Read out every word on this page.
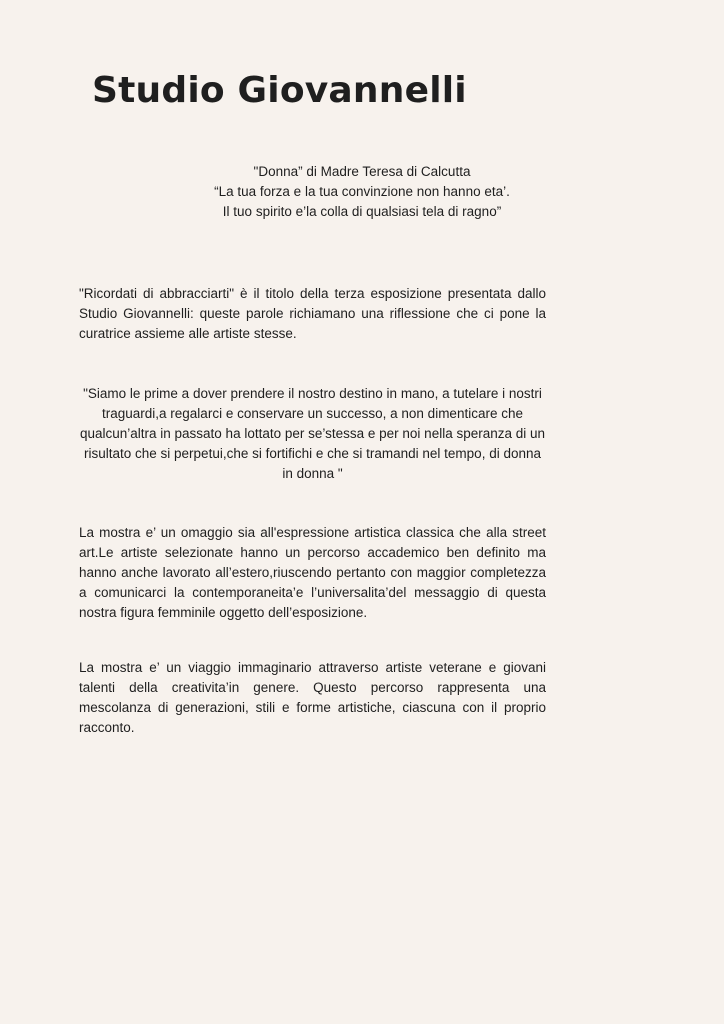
Studio Giovannelli
"Donna” di Madre Teresa di Calcutta
“La tua forza e la tua convinzione non hanno eta’.
Il tuo spirito e’la colla di qualsiasi tela di ragno”
"Ricordati di abbracciarti" è il titolo della terza esposizione presentata dallo Studio Giovannelli: queste parole richiamano una riflessione che ci pone la curatrice assieme alle artiste stesse.
"Siamo le prime a dover prendere il nostro destino in mano, a tutelare i nostri traguardi,a regalarci e conservare un successo, a non dimenticare che qualcun’altra in passato ha lottato per se’stessa e per noi nella speranza di un risultato che si perpetui,che si fortifichi e che si tramandi nel tempo, di donna in donna "
La mostra e’ un omaggio sia all'espressione artistica classica che alla street art.Le artiste selezionate hanno un percorso accademico ben definito ma hanno anche lavorato all’estero,riuscendo pertanto con maggior completezza a comunicarci la contemporaneita’e l’universalita’del messaggio di questa nostra figura femminile oggetto dell’esposizione.
La mostra e’ un viaggio immaginario attraverso artiste veterane e giovani talenti della creativita’in genere. Questo percorso rappresenta una mescolanza di generazioni, stili e forme artistiche, ciascuna con il proprio racconto.
